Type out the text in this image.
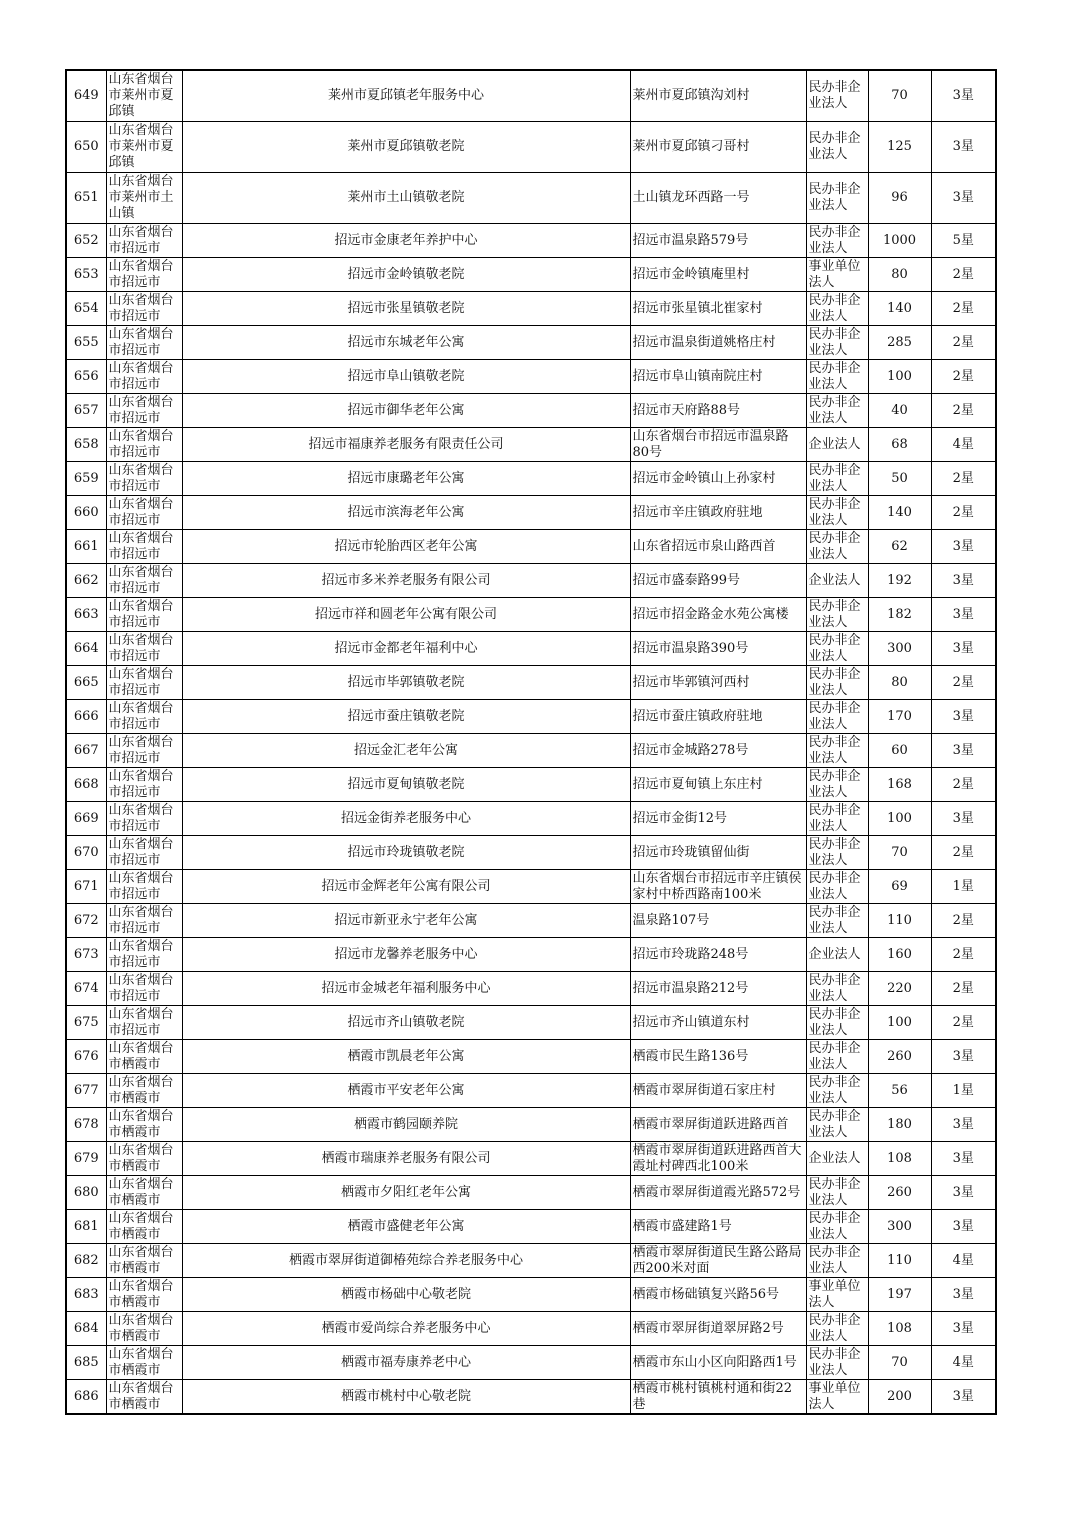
649	山东省烟台市莱州市夏邱镇	莱州市夏邱镇老年服务中心	莱州市夏邱镇沟刘村	民办非企业法人	70	3星
650	山东省烟台市莱州市夏邱镇	莱州市夏邱镇敬老院	莱州市夏邱镇刁哥村	民办非企业法人	125	3星
651	山东省烟台市莱州市土山镇	莱州市土山镇敬老院	土山镇龙环西路一号	民办非企业法人	96	3星
652	山东省烟台市招远市	招远市金康老年养护中心	招远市温泉路579号	民办非企业法人	1000	5星
653	山东省烟台市招远市	招远市金岭镇敬老院	招远市金岭镇庵里村	事业单位法人	80	2星
654	山东省烟台市招远市	招远市张星镇敬老院	招远市张星镇北崔家村	民办非企业法人	140	2星
655	山东省烟台市招远市	招远市东城老年公寓	招远市温泉街道姚格庄村	民办非企业法人	285	2星
656	山东省烟台市招远市	招远市阜山镇敬老院	招远市阜山镇南院庄村	民办非企业法人	100	2星
657	山东省烟台市招远市	招远市御华老年公寓	招远市天府路88号	民办非企业法人	40	2星
658	山东省烟台市招远市	招远市福康养老服务有限责任公司	山东省烟台市招远市温泉路80号	企业法人	68	4星
659	山东省烟台市招远市	招远市康璐老年公寓	招远市金岭镇山上孙家村	民办非企业法人	50	2星
660	山东省烟台市招远市	招远市滨海老年公寓	招远市辛庄镇政府驻地	民办非企业法人	140	2星
661	山东省烟台市招远市	招远市轮胎西区老年公寓	山东省招远市泉山路西首	民办非企业法人	62	3星
662	山东省烟台市招远市	招远市多米养老服务有限公司	招远市盛泰路99号	企业法人	192	3星
663	山东省烟台市招远市	招远市祥和圆老年公寓有限公司	招远市招金路金水苑公寓楼	民办非企业法人	182	3星
664	山东省烟台市招远市	招远市金都老年福利中心	招远市温泉路390号	民办非企业法人	300	3星
665	山东省烟台市招远市	招远市毕郭镇敬老院	招远市毕郭镇河西村	民办非企业法人	80	2星
666	山东省烟台市招远市	招远市蚕庄镇敬老院	招远市蚕庄镇政府驻地	民办非企业法人	170	3星
667	山东省烟台市招远市	招远金汇老年公寓	招远市金城路278号	民办非企业法人	60	3星
668	山东省烟台市招远市	招远市夏甸镇敬老院	招远市夏甸镇上东庄村	民办非企业法人	168	2星
669	山东省烟台市招远市	招远金街养老服务中心	招远市金街12号	民办非企业法人	100	3星
670	山东省烟台市招远市	招远市玲珑镇敬老院	招远市玲珑镇留仙街	民办非企业法人	70	2星
671	山东省烟台市招远市	招远市金辉老年公寓有限公司	山东省烟台市招远市辛庄镇侯家村中桥西路南100米	民办非企业法人	69	1星
672	山东省烟台市招远市	招远市新亚永宁老年公寓	温泉路107号	民办非企业法人	110	2星
673	山东省烟台市招远市	招远市龙馨养老服务中心	招远市玲珑路248号	企业法人	160	2星
674	山东省烟台市招远市	招远市金城老年福利服务中心	招远市温泉路212号	民办非企业法人	220	2星
675	山东省烟台市招远市	招远市齐山镇敬老院	招远市齐山镇道东村	民办非企业法人	100	2星
676	山东省烟台市栖霞市	栖霞市凯晨老年公寓	栖霞市民生路136号	民办非企业法人	260	3星
677	山东省烟台市栖霞市	栖霞市平安老年公寓	栖霞市翠屏街道石家庄村	民办非企业法人	56	1星
678	山东省烟台市栖霞市	栖霞市鹤园颐养院	栖霞市翠屏街道跃进路西首	民办非企业法人	180	3星
679	山东省烟台市栖霞市	栖霞市瑞康养老服务有限公司	栖霞市翠屏街道跃进路西首大霞址村碑西北100米	企业法人	108	3星
680	山东省烟台市栖霞市	栖霞市夕阳红老年公寓	栖霞市翠屏街道霞光路572号	民办非企业法人	260	3星
681	山东省烟台市栖霞市	栖霞市盛健老年公寓	栖霞市盛建路1号	民办非企业法人	300	3星
682	山东省烟台市栖霞市	栖霞市翠屏街道御椿苑综合养老服务中心	栖霞市翠屏街道民生路公路局西200米对面	民办非企业法人	110	4星
683	山东省烟台市栖霞市	栖霞市杨础中心敬老院	栖霞市杨础镇复兴路56号	事业单位法人	197	3星
684	山东省烟台市栖霞市	栖霞市爱尚综合养老服务中心	栖霞市翠屏街道翠屏路2号	民办非企业法人	108	3星
685	山东省烟台市栖霞市	栖霞市福寿康养老中心	栖霞市东山小区向阳路西1号	民办非企业法人	70	4星
686	山东省烟台市栖霞市	栖霞市桃村中心敬老院	栖霞市桃村镇桃村通和街22巷	事业单位法人	200	3星
